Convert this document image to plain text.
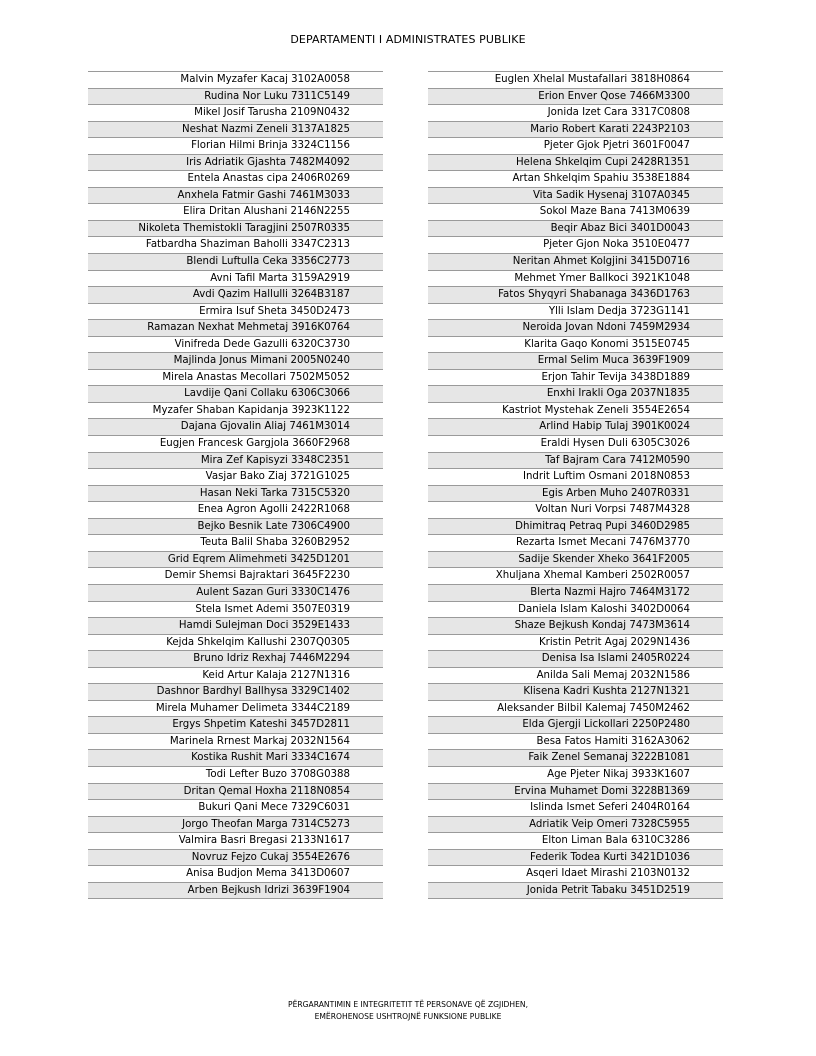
DEPARTAMENTI I ADMINISTRATES PUBLIKE
Malvin Myzafer Kacaj 3102A0058
Rudina Nor Luku 7311C5149
Mikel Josif Tarusha 2109N0432
Neshat Nazmi Zeneli 3137A1825
Florian Hilmi Brinja 3324C1156
Iris Adriatik Gjashta 7482M4092
Entela Anastas cipa 2406R0269
Anxhela Fatmir Gashi 7461M3033
Elira Dritan Alushani 2146N2255
Nikoleta Themistokli Taragjini 2507R0335
Fatbardha Shaziman Baholli 3347C2313
Blendi Luftulla Ceka 3356C2773
Avni Tafil Marta 3159A2919
Avdi Qazim Hallulli 3264B3187
Ermira Isuf Sheta 3450D2473
Ramazan Nexhat Mehmetaj 3916K0764
Vinifreda Dede Gazulli 6320C3730
Majlinda Jonus Mimani 2005N0240
Mirela Anastas Mecollari 7502M5052
Lavdije Qani Collaku 6306C3066
Myzafer Shaban Kapidanja 3923K1122
Dajana Gjovalin Aliaj 7461M3014
Eugjen Francesk Gargjola 3660F2968
Mira Zef Kapisyzi 3348C2351
Vasjar Bako Ziaj 3721G1025
Hasan Neki Tarka 7315C5320
Enea Agron Agolli 2422R1068
Bejko Besnik Late 7306C4900
Teuta Balil Shaba 3260B2952
Grid Eqrem Alimehmeti 3425D1201
Demir Shemsi Bajraktari 3645F2230
Aulent Sazan Guri 3330C1476
Stela Ismet Ademi 3507E0319
Hamdi Sulejman Doci 3529E1433
Kejda Shkelqim Kallushi 2307Q0305
Bruno Idriz Rexhaj 7446M2294
Keid Artur Kalaja 2127N1316
Dashnor Bardhyl Ballhysa 3329C1402
Mirela Muhamer Delimeta 3344C2189
Ergys Shpetim Kateshi 3457D2811
Marinela Rrnest Markaj 2032N1564
Kostika Rushit Mari 3334C1674
Todi Lefter Buzo 3708G0388
Dritan Qemal Hoxha 2118N0854
Bukuri Qani Mece 7329C6031
Jorgo Theofan Marga 7314C5273
Valmira Basri Bregasi 2133N1617
Novruz Fejzo Cukaj 3554E2676
Anisa Budjon Mema 3413D0607
Arben Bejkush Idrizi 3639F1904
Euglen Xhelal Mustafallari 3818H0864
Erion Enver Qose 7466M3300
Jonida Izet Cara 3317C0808
Mario Robert Karati 2243P2103
Pjeter Gjok Pjetri 3601F0047
Helena Shkelqim Cupi 2428R1351
Artan Shkelqim Spahiu 3538E1884
Vita Sadik Hysenaj 3107A0345
Sokol Maze Bana 7413M0639
Beqir Abaz Bici 3401D0043
Pjeter Gjon Noka 3510E0477
Neritan Ahmet Kolgjini 3415D0716
Mehmet Ymer Ballkoci 3921K1048
Fatos Shyqyri Shabanaga 3436D1763
Ylli Islam Dedja 3723G1141
Neroida Jovan Ndoni 7459M2934
Klarita Gaqo Konomi 3515E0745
Ermal Selim Muca 3639F1909
Erjon Tahir Tevija 3438D1889
Enxhi Irakli Oga 2037N1835
Kastriot Mystehak Zeneli 3554E2654
Arlind Habip Tulaj 3901K0024
Eraldi Hysen Duli 6305C3026
Taf Bajram Cara 7412M0590
Indrit Luftim Osmani 2018N0853
Egis Arben Muho 2407R0331
Voltan Nuri Vorpsi 7487M4328
Dhimitraq Petraq Pupi 3460D2985
Rezarta Ismet Mecani 7476M3770
Sadije Skender Xheko 3641F2005
Xhuljana Xhemal Kamberi 2502R0057
Blerta Nazmi Hajro 7464M3172
Daniela Islam Kaloshi 3402D0064
Shaze Bejkush Kondaj 7473M3614
Kristin Petrit Agaj 2029N1436
Denisa Isa Islami 2405R0224
Anilda Sali Memaj 2032N1586
Klisena Kadri Kushta 2127N1321
Aleksander Bilbil Kalemaj 7450M2462
Elda Gjergji Lickollari 2250P2480
Besa Fatos Hamiti 3162A3062
Faik Zenel Semanaj 3222B1081
Age Pjeter Nikaj 3933K1607
Ervina Muhamet Domi 3228B1369
Islinda Ismet Seferi 2404R0164
Adriatik Veip Omeri 7328C5955
Elton Liman Bala 6310C3286
Federik Todea Kurti 3421D1036
Asqeri Idaet Mirashi 2103N0132
Jonida Petrit Tabaku 3451D2519
PËRGARANTIMIN E INTEGRITETIT TË PERSONAVE QË ZGJIDHEN,
EMËROHENOSE USHTROJNË FUNKSIONE PUBLIKE
